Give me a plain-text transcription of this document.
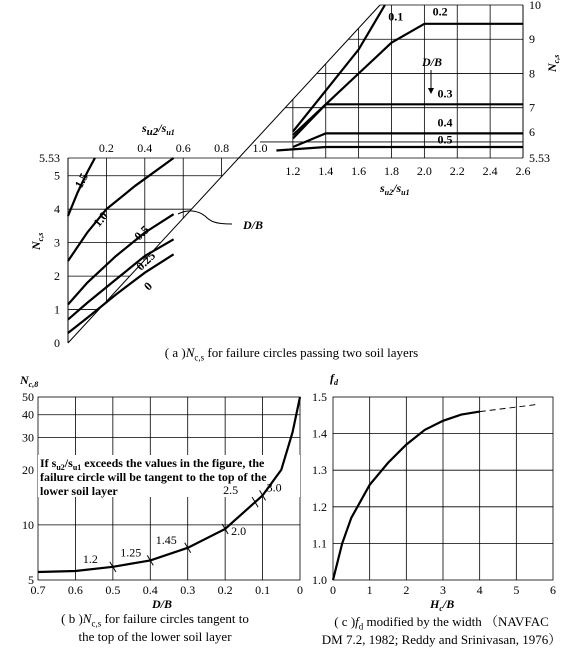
1.5
1.0
0.5
0.25
0
0.1 0.2
0.3
0.4
0.5
$su2/s_{u1}$
0.2 0.4 0.6 0.8 1.0
0
1
2
3
4
5
5.53
$N_{c,s}$
1.2 1.4 1.6 1.8 2.0 2.2 2.4 2.6
5.53
6
7
8
9
10
$s_{u2}/s_{u1}$
$N_{c,s}$
D/B
D/B
5
10
20
30
40
50
0.7 0.6 0.5 0.4 0.3 0.2 0.1 0
$N_{c,8}$
D/B
If $s_{u2}/s_{u1}$ exceeds the values in the figure, the
failure circle will be tangent to the top of the
lower soil layer
1.2 1.25
1.45
2.0
2.5 3.0
1.0
1.1
1.2
1.3
1.4
1.5
0	1	2	3	4	5	6
$f_d$
$H_c/B$
( a )$N_{c,s}$ for failure circles passing two soil layers
( b )$N_{c,s}$ for failure circles tangent to
the top of the lower soil layer
( c )$f_d$ modified by the width （NAVFAC
DM 7.2, 1982; Reddy and Srinivasan, 1976）
